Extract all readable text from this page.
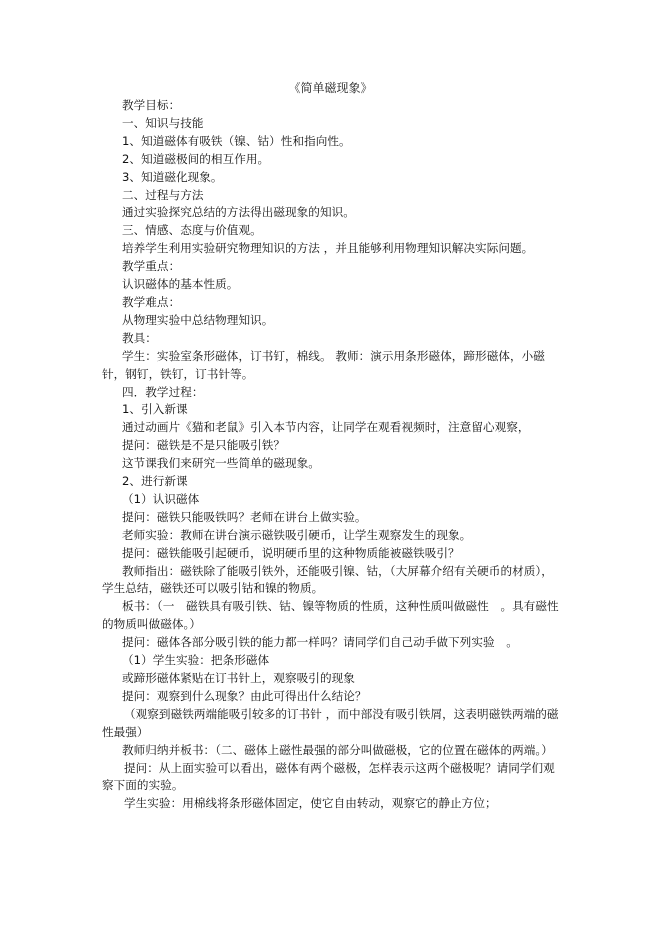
《简单磁现象》

教学目标：

一、知识与技能

1、知道磁体有吸铁（镍、钴）性和指向性。

2、知道磁极间的相互作用。

3、知道磁化现象。

二、过程与方法

通过实验探究总结的方法得出磁现象的知识。

三、情感、态度与价值观。

培养学生利用实验研究物理知识的方法 ，并且能够利用物理知识解决实际问题。

教学重点：

认识磁体的基本性质。

教学难点：

从物理实验中总结物理知识。

教具：

学生：实验室条形磁体，订书钉，棉线。 教师：演示用条形磁体，蹄形磁体，小磁针，钢钉，铁钉，订书针等。

四．教学过程：

1、引入新课

通过动画片《猫和老鼠》引入本节内容，让同学在观看视频时，注意留心观察，

提问：磁铁是不是只能吸引铁？

这节课我们来研究一些简单的磁现象。

2、进行新课

（1）认识磁体

提问：磁铁只能吸铁吗？老师在讲台上做实验。

老师实验：教师在讲台演示磁铁吸引硬币，让学生观察发生的现象。

提问：磁铁能吸引起硬币，说明硬币里的这种物质能被磁铁吸引？

教师指出：磁铁除了能吸引铁外，还能吸引镍、钴，（大屏幕介绍有关硬币的材质），学生总结，磁铁还可以吸引钴和镍的物质。

板书：（一　磁铁具有吸引铁、钴、镍等物质的性质，这种性质叫做磁性　。具有磁性的物质叫做磁体。）

提问：磁体各部分吸引铁的能力都一样吗？请同学们自己动手做下列实验　。

（1）学生实验：把条形磁体

或蹄形磁体紧贴在订书针上，观察吸引的现象

提问：观察到什么现象？由此可得出什么结论？

（观察到磁铁两端能吸引较多的订书针 ，而中部没有吸引铁屑，这表明磁铁两端的磁性最强）

教师归纳并板书：（二、磁体上磁性最强的部分叫做磁极，它的位置在磁体的两端。）

提问：从上面实验可以看出，磁体有两个磁极，怎样表示这两个磁极呢？请同学们观察下面的实验。

学生实验：用棉线将条形磁体固定，使它自由转动，观察它的静止方位；
